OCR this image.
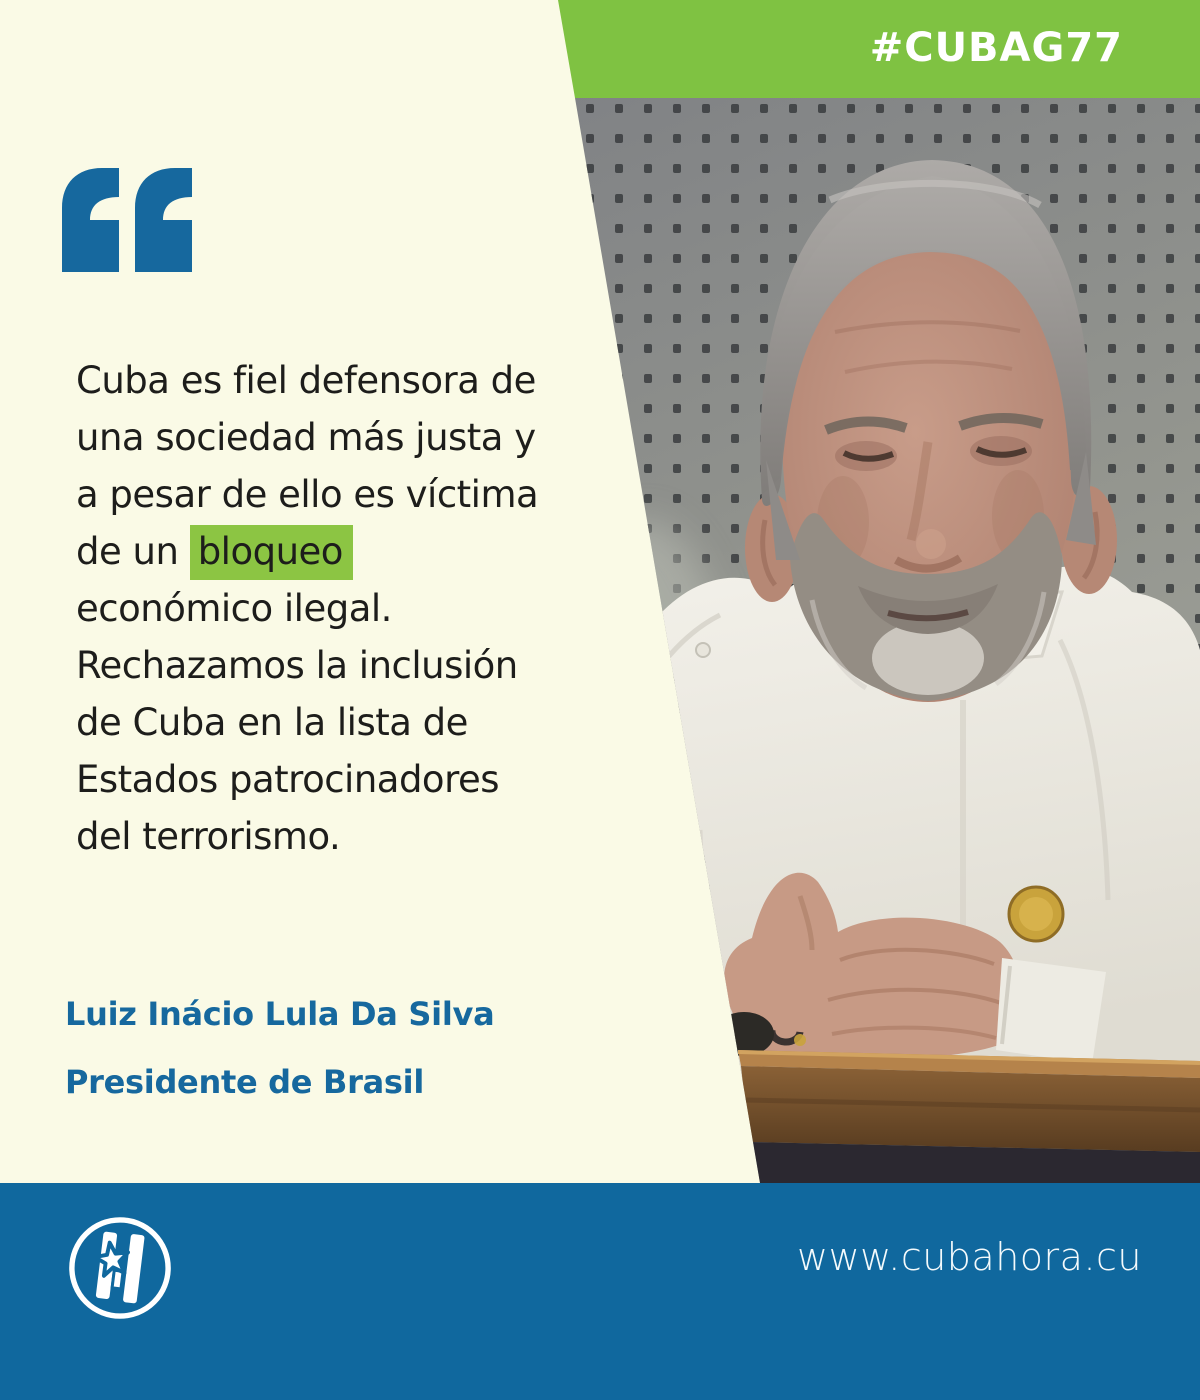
#CUBAG77
Cuba es fiel defensora de
una sociedad más justa y
a pesar de ello es víctima
de un bloqueo
económico ilegal.
Rechazamos la inclusión
de Cuba en la lista de
Estados patrocinadores
del terrorismo.
Luiz Inácio Lula Da Silva
Presidente de Brasil
www.cubahora.cu
